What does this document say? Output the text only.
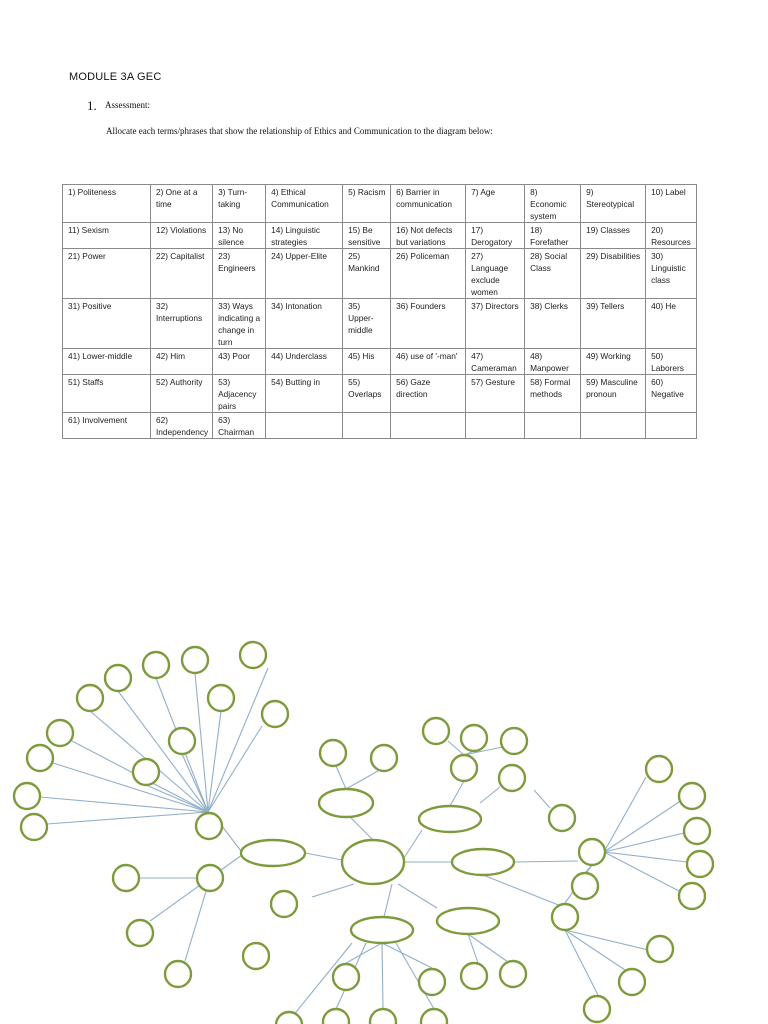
MODULE 3A GEC
1. Assessment:
Allocate each terms/phrases that show the relationship of Ethics and Communication to the diagram below:
1) Politeness	2) One at a time	3) Turn-taking	4) Ethical Communication	5) Racism	6) Barrier in communication	7) Age	8) Economic system	9) Stereotypical	10) Label
11) Sexism	12) Violations	13) No silence	14) Linguistic strategies	15) Be sensitive	16) Not defects but variations	17) Derogatory	18) Forefather	19) Classes	20) Resources
21) Power	22) Capitalist	23) Engineers	24) Upper-Elite	25) Mankind	26) Policeman	27) Language exclude women	28) Social Class	29) Disabilities	30) Linguistic class
31) Positive	32) Interruptions	33) Ways indicating a change in turn	34) Intonation	35) Upper-middle	36) Founders	37) Directors	38) Clerks	39) Tellers	40) He
41) Lower-middle	42) Him	43) Poor	44) Underclass	45) His	46) use of '-man'	47) Cameraman	48) Manpower	49) Working	50) Laborers
51) Staffs	52) Authority	53) Adjacency pairs	54) Butting in	55) Overlaps	56) Gaze direction	57) Gesture	58) Formal methods	59) Masculine pronoun	60) Negative
61) Involvement	62) Independency	63) Chairman							
